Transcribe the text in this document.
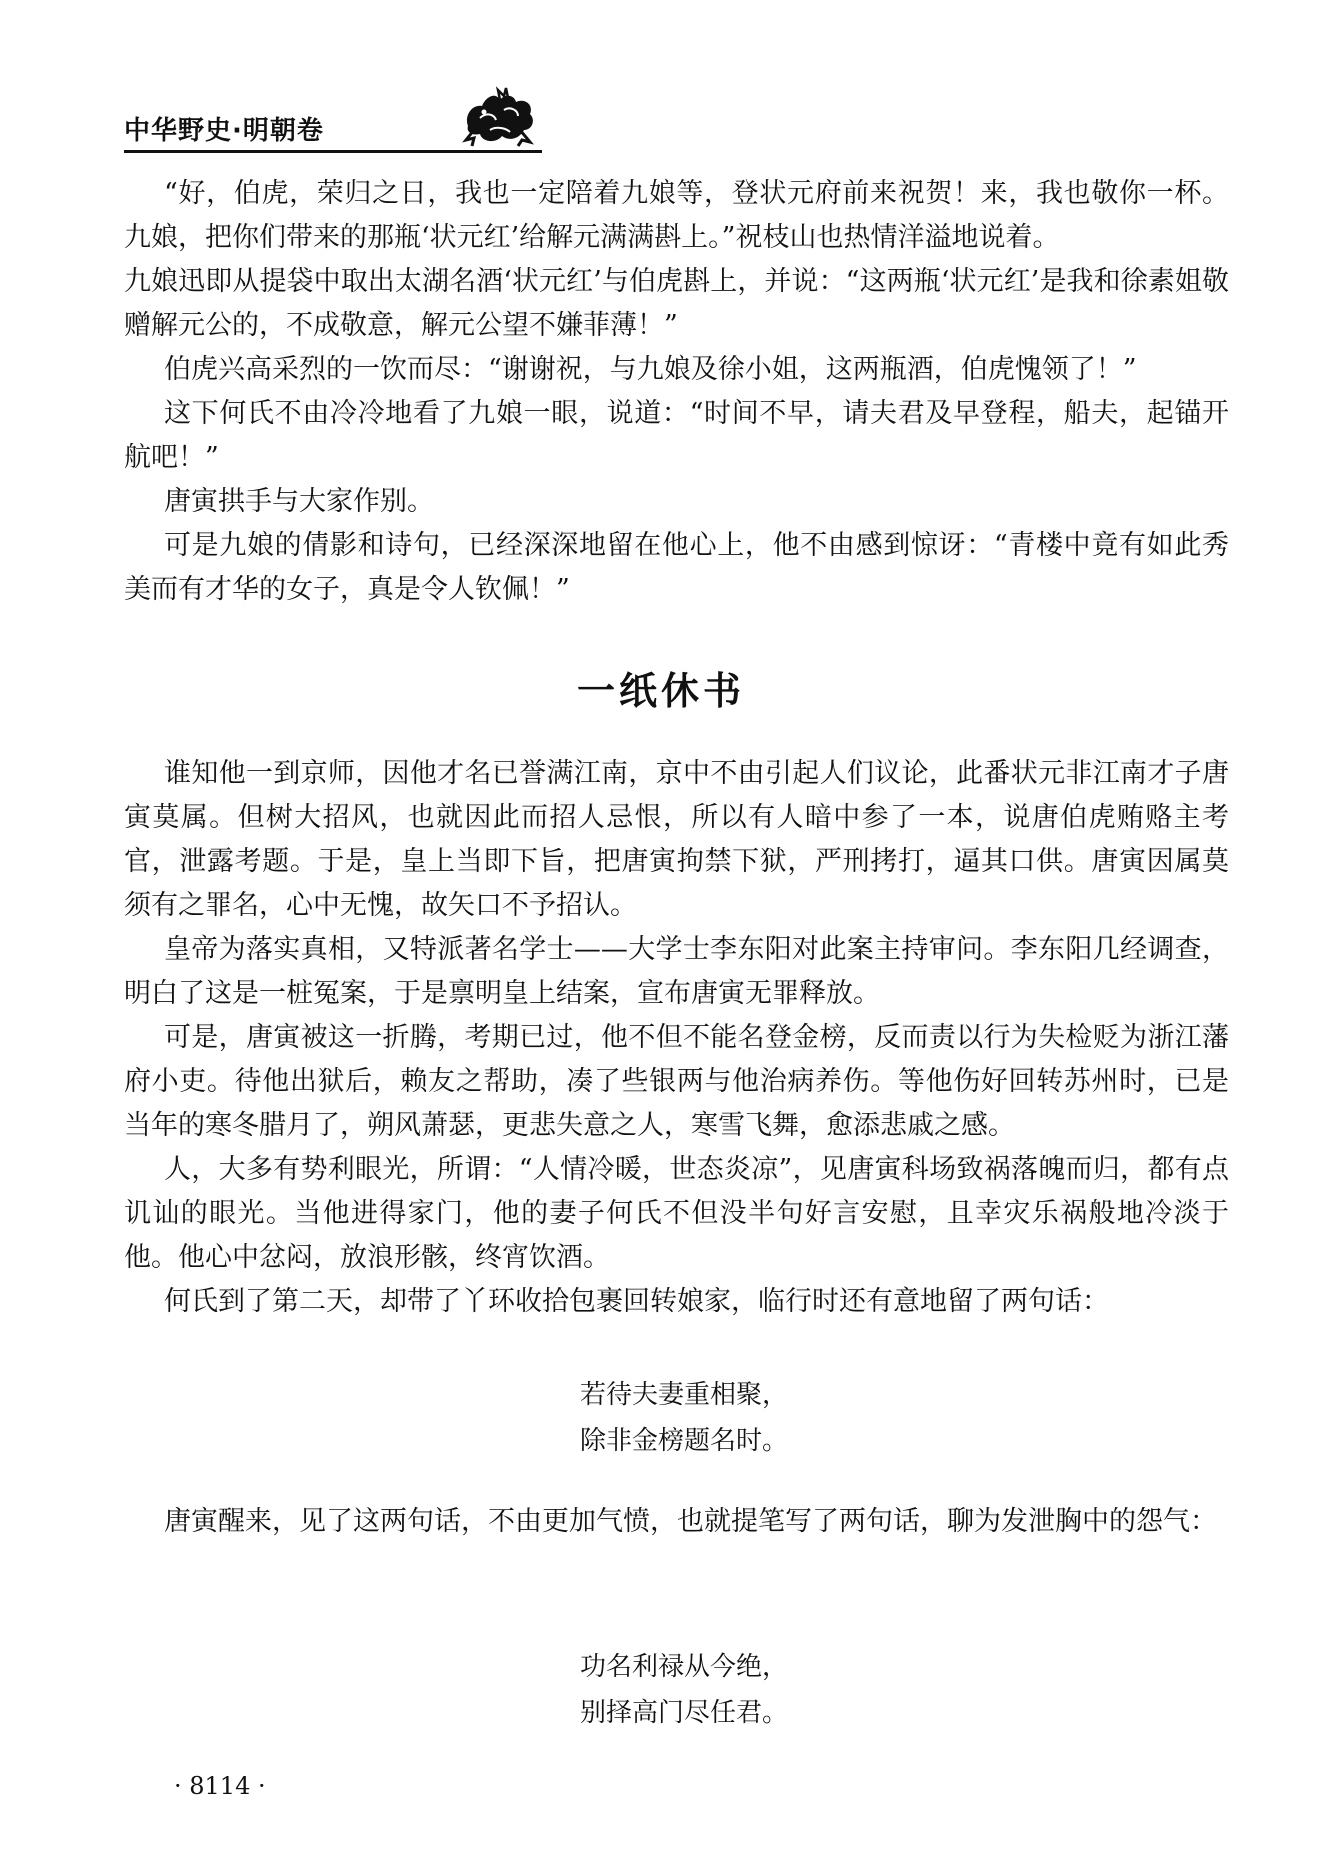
中华野史·明朝卷

“好，伯虎，荣归之日，我也一定陪着九娘等，登状元府前来祝贺！来，我也敬你一杯。九娘，把你们带来的那瓶‘状元红’给解元满满斟上。”祝枝山也热情洋溢地说着。

九娘迅即从提袋中取出太湖名酒‘状元红’与伯虎斟上，并说：“这两瓶‘状元红’是我和徐素姐敬赠解元公的，不成敬意，解元公望不嫌菲薄！”

伯虎兴高采烈的一饮而尽：“谢谢祝，与九娘及徐小姐，这两瓶酒，伯虎愧领了！”

这下何氏不由冷冷地看了九娘一眼，说道：“时间不早，请夫君及早登程，船夫，起锚开航吧！”

唐寅拱手与大家作别。

可是九娘的倩影和诗句，已经深深地留在他心上，他不由感到惊讶：“青楼中竟有如此秀美而有才华的女子，真是令人钦佩！”

一纸休书

谁知他一到京师，因他才名已誉满江南，京中不由引起人们议论，此番状元非江南才子唐寅莫属。但树大招风，也就因此而招人忌恨，所以有人暗中参了一本，说唐伯虎贿赂主考官，泄露考题。于是，皇上当即下旨，把唐寅拘禁下狱，严刑拷打，逼其口供。唐寅因属莫须有之罪名，心中无愧，故矢口不予招认。

皇帝为落实真相，又特派著名学士——大学士李东阳对此案主持审问。李东阳几经调查，明白了这是一桩冤案，于是禀明皇上结案，宣布唐寅无罪释放。

可是，唐寅被这一折腾，考期已过，他不但不能名登金榜，反而责以行为失检贬为浙江藩府小吏。待他出狱后，赖友之帮助，凑了些银两与他治病养伤。等他伤好回转苏州时，已是当年的寒冬腊月了，朔风萧瑟，更悲失意之人，寒雪飞舞，愈添悲戚之感。

人，大多有势利眼光，所谓：“人情冷暖，世态炎凉”，见唐寅科场致祸落魄而归，都有点讥讪的眼光。当他进得家门，他的妻子何氏不但没半句好言安慰，且幸灾乐祸般地冷淡于他。他心中忿闷，放浪形骸，终宵饮酒。

何氏到了第二天，却带了丫环收拾包裹回转娘家，临行时还有意地留了两句话：

若待夫妻重相聚，
除非金榜题名时。

唐寅醒来，见了这两句话，不由更加气愤，也就提笔写了两句话，聊为发泄胸中的怨气：

功名利禄从今绝，
别择高门尽任君。
· 8114 ·
